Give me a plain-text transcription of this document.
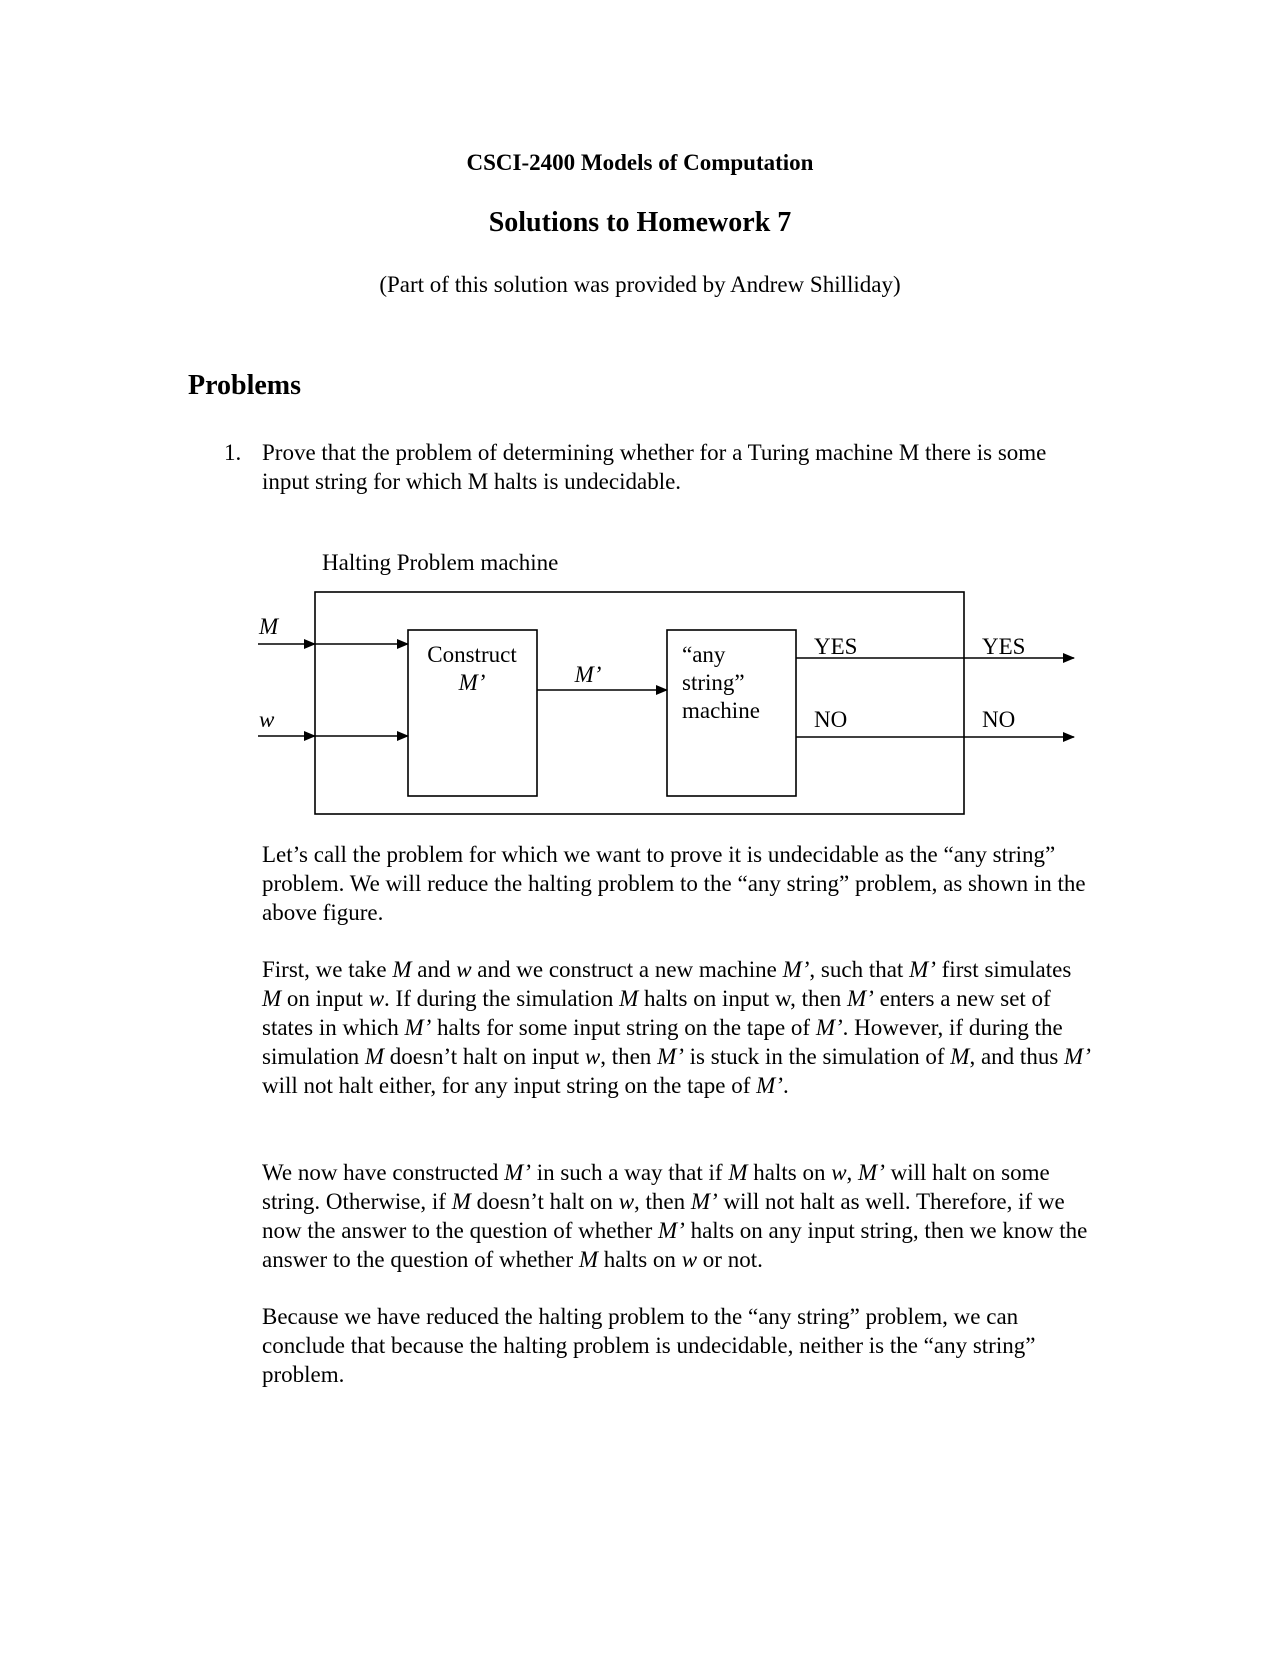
CSCI-2400 Models of Computation
Solutions to Homework 7
(Part of this solution was provided by Andrew Shilliday)
Problems
1. Prove that the problem of determining whether for a Turing machine M there is some input string for which M halts is undecidable.
Halting Problem machine
M
w
Construct
M’	M’
“any
string”
machine
YES
NO
YES
NO
Let’s call the problem for which we want to prove it is undecidable as the “any string” problem. We will reduce the halting problem to the “any string” problem, as shown in the above figure.
First, we take M and w and we construct a new machine M’, such that M’ first simulates M on input w. If during the simulation M halts on input w, then M’ enters a new set of states in which M’ halts for some input string on the tape of M’. However, if during the simulation M doesn’t halt on input w, then M’ is stuck in the simulation of M, and thus M’ will not halt either, for any input string on the tape of M’.
We now have constructed M’ in such a way that if M halts on w, M’ will halt on some string. Otherwise, if M doesn’t halt on w, then M’ will not halt as well. Therefore, if we now the answer to the question of whether M’ halts on any input string, then we know the answer to the question of whether M halts on w or not.
Because we have reduced the halting problem to the “any string” problem, we can conclude that because the halting problem is undecidable, neither is the “any string” problem.
